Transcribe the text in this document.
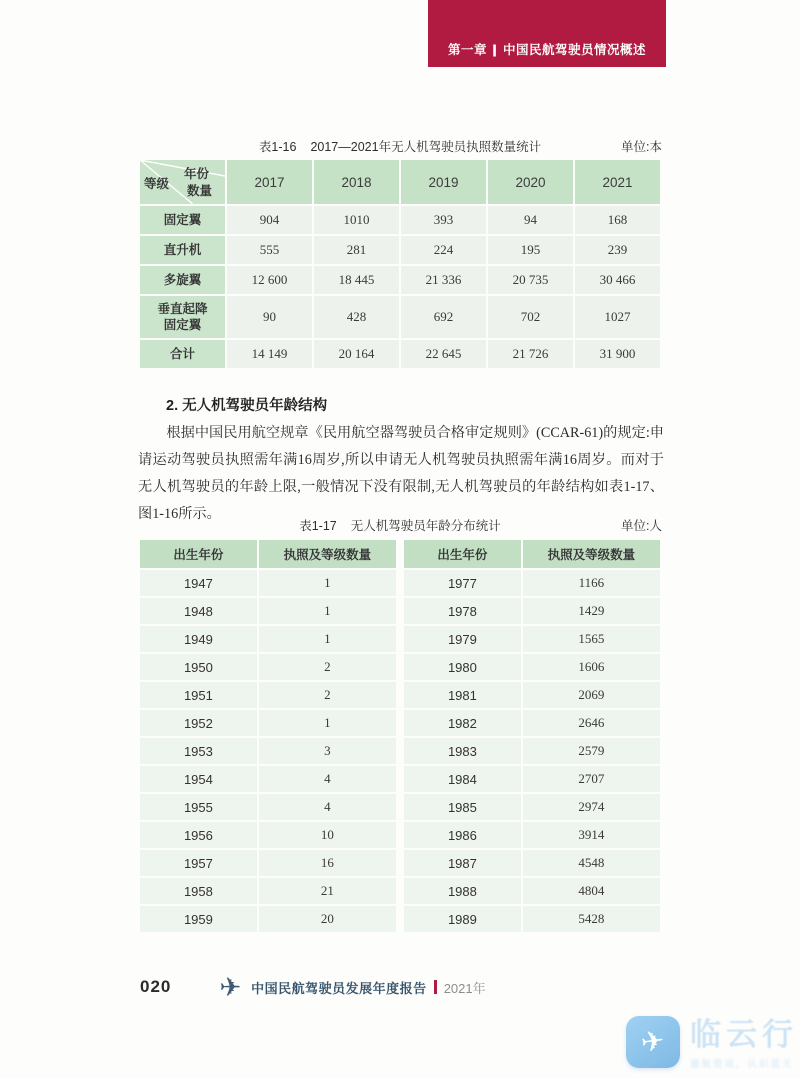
第一章 | 中国民航驾驶员情况概述
表1-16 2017—2021年无人机驾驶员执照数量统计	单位:本
年份
数量
等级	2017	2018	2019	2020	2021
固定翼	904	1010	393	94	168
直升机	555	281	224	195	239
多旋翼	12 600	18 445	21 336	20 735	30 466
垂直起降
固定翼	90	428	692	702	1027
合计	14 149	20 164	22 645	21 726	31 900
2. 无人机驾驶员年龄结构
根据中国民用航空规章《民用航空器驾驶员合格审定规则》(CCAR-61)的规定:申请运动驾驶员执照需年满16周岁,所以申请无人机驾驶员执照需年满16周岁。而对于无人机驾驶员的年龄上限,一般情况下没有限制,无人机驾驶员的年龄结构如表1-17、图1-16所示。
表1-17 无人机驾驶员年龄分布统计	单位:人
出生年份	执照及等级数量
1947	1
1948	1
1949	1
1950	2
1951	2
1952	1
1953	3
1954	4
1955	4
1956	10
1957	16
1958	21
1959	20
出生年份	执照及等级数量
1977	1166
1978	1429
1979	1565
1980	1606
1981	2069
1982	2646
1983	2579
1984	2707
1985	2974
1986	3914
1987	4548
1988	4804
1989	5428
020 ✈ 中国民航驾驶员发展年度报告 2021年
✈ 临云行
通航资讯，认识蓝天
